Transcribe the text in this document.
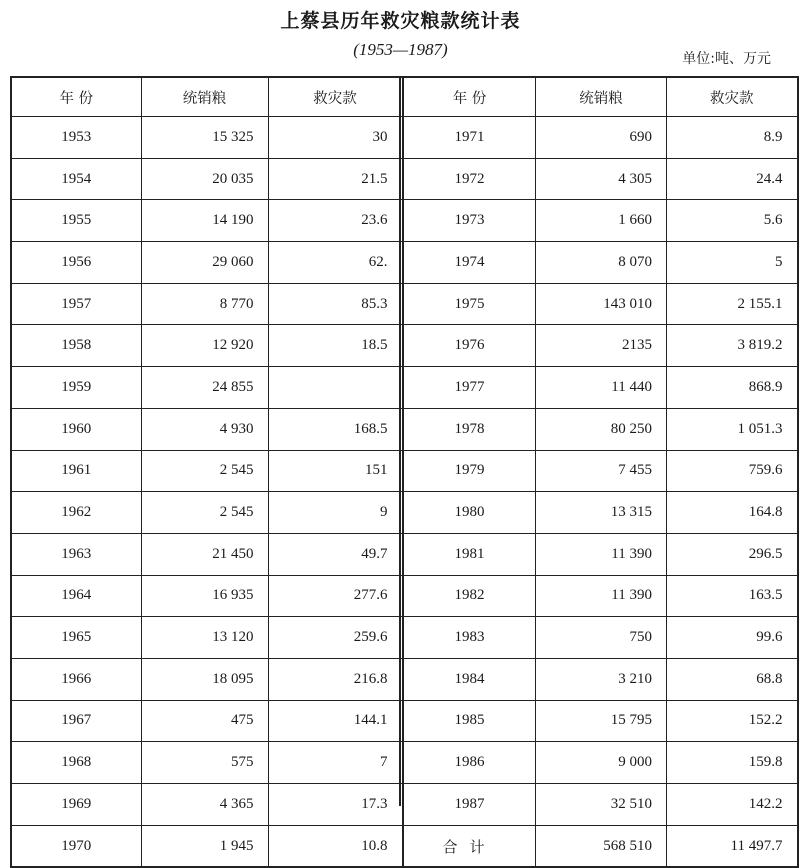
上蔡县历年救灾粮款统计表
(1953—1987)	单位:吨、万元
年 份	统销粮	救灾款
1953	15 325	30
1954	20 035	21.5
1955	14 190	23.6
1956	29 060	62.
1957	8 770	85.3
1958	12 920	18.5
1959	24 855	
1960	4 930	168.5
1961	2 545	151
1962	2 545	9
1963	21 450	49.7
1964	16 935	277.6
1965	13 120	259.6
1966	18 095	216.8
1967	475	144.1
1968	575	7
1969	4 365	17.3
1970	1 945	10.8
年 份	统销粮	救灾款
1971	690	8.9
1972	4 305	24.4
1973	1 660	5.6
1974	8 070	5
1975	143 010	2 155.1
1976	2135	3 819.2
1977	11 440	868.9
1978	80 250	1 051.3
1979	7 455	759.6
1980	13 315	164.8
1981	11 390	296.5
1982	11 390	163.5
1983	750	99.6
1984	3 210	68.8
1985	15 795	152.2
1986	9 000	159.8
1987	32 510	142.2
合计	568 510	11 497.7
